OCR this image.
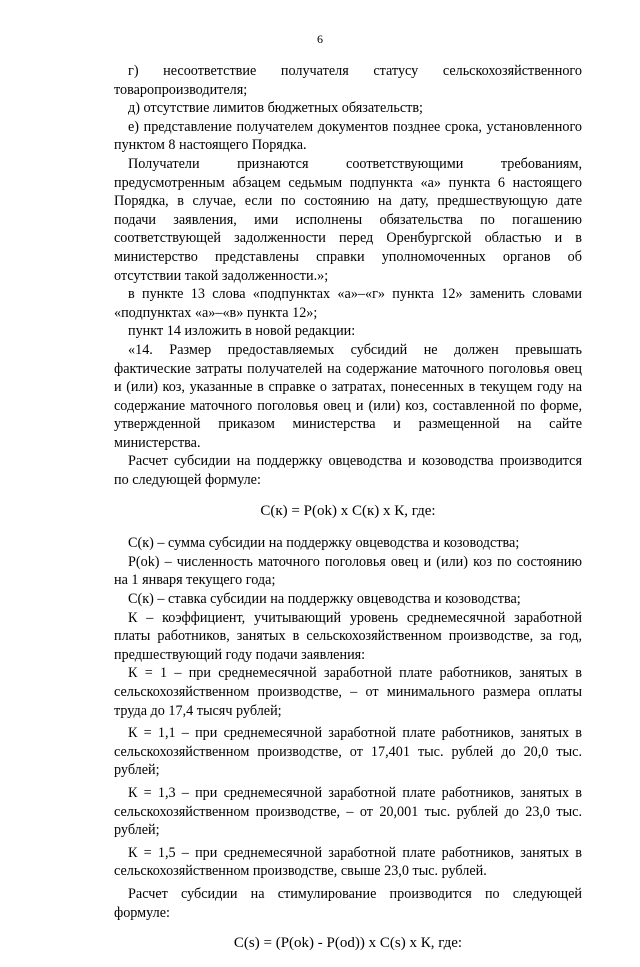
6

г) несоответствие получателя статусу сельскохозяйственного товаропроизводителя;

д) отсутствие лимитов бюджетных обязательств;

е) представление получателем документов позднее срока, установленного пунктом 8 настоящего Порядка.

Получатели признаются соответствующими требованиям, предусмотренным абзацем седьмым подпункта «а» пункта 6 настоящего Порядка, в случае, если по состоянию на дату, предшествующую дате подачи заявления, ими исполнены обязательства по погашению соответствующей задолженности перед Оренбургской областью и в министерство представлены справки уполномоченных органов об отсутствии такой задолженности.»;

в пункте 13 слова «подпунктах «а»–«г» пункта 12» заменить словами «подпунктах «а»–«в» пункта 12»;

пункт 14 изложить в новой редакции:

«14. Размер предоставляемых субсидий не должен превышать фактические затраты получателей на содержание маточного поголовья овец и (или) коз, указанные в справке о затратах, понесенных в текущем году на содержание маточного поголовья овец и (или) коз, составленной по форме, утвержденной приказом министерства и размещенной на сайте министерства.

Расчет субсидии на поддержку овцеводства и козоводства производится по следующей формуле:

С(к) = Р(ok) х С(к) х К, где:

С(к) – сумма субсидии на поддержку овцеводства и козоводства;

Р(ok) – численность маточного поголовья овец и (или) коз по состоянию на 1 января текущего года;

С(к) – ставка субсидии на поддержку овцеводства и козоводства;

К – коэффициент, учитывающий уровень среднемесячной заработной платы работников, занятых в сельскохозяйственном производстве, за год, предшествующий году подачи заявления:

К = 1 – при среднемесячной заработной плате работников, занятых в сельскохозяйственном производстве, – от минимального размера оплаты труда до 17,4 тысяч рублей;

К = 1,1 – при среднемесячной заработной плате работников, занятых в сельскохозяйственном производстве, от 17,401 тыс. рублей до 20,0 тыс. рублей;

К = 1,3 – при среднемесячной заработной плате работников, занятых в сельскохозяйственном производстве, – от 20,001 тыс. рублей до 23,0 тыс. рублей;

К = 1,5 – при среднемесячной заработной плате работников, занятых в сельскохозяйственном производстве, свыше 23,0 тыс. рублей.

Расчет субсидии на стимулирование производится по следующей формуле:

С(s) = (Р(ok) - Р(od)) х С(s) х К, где:
